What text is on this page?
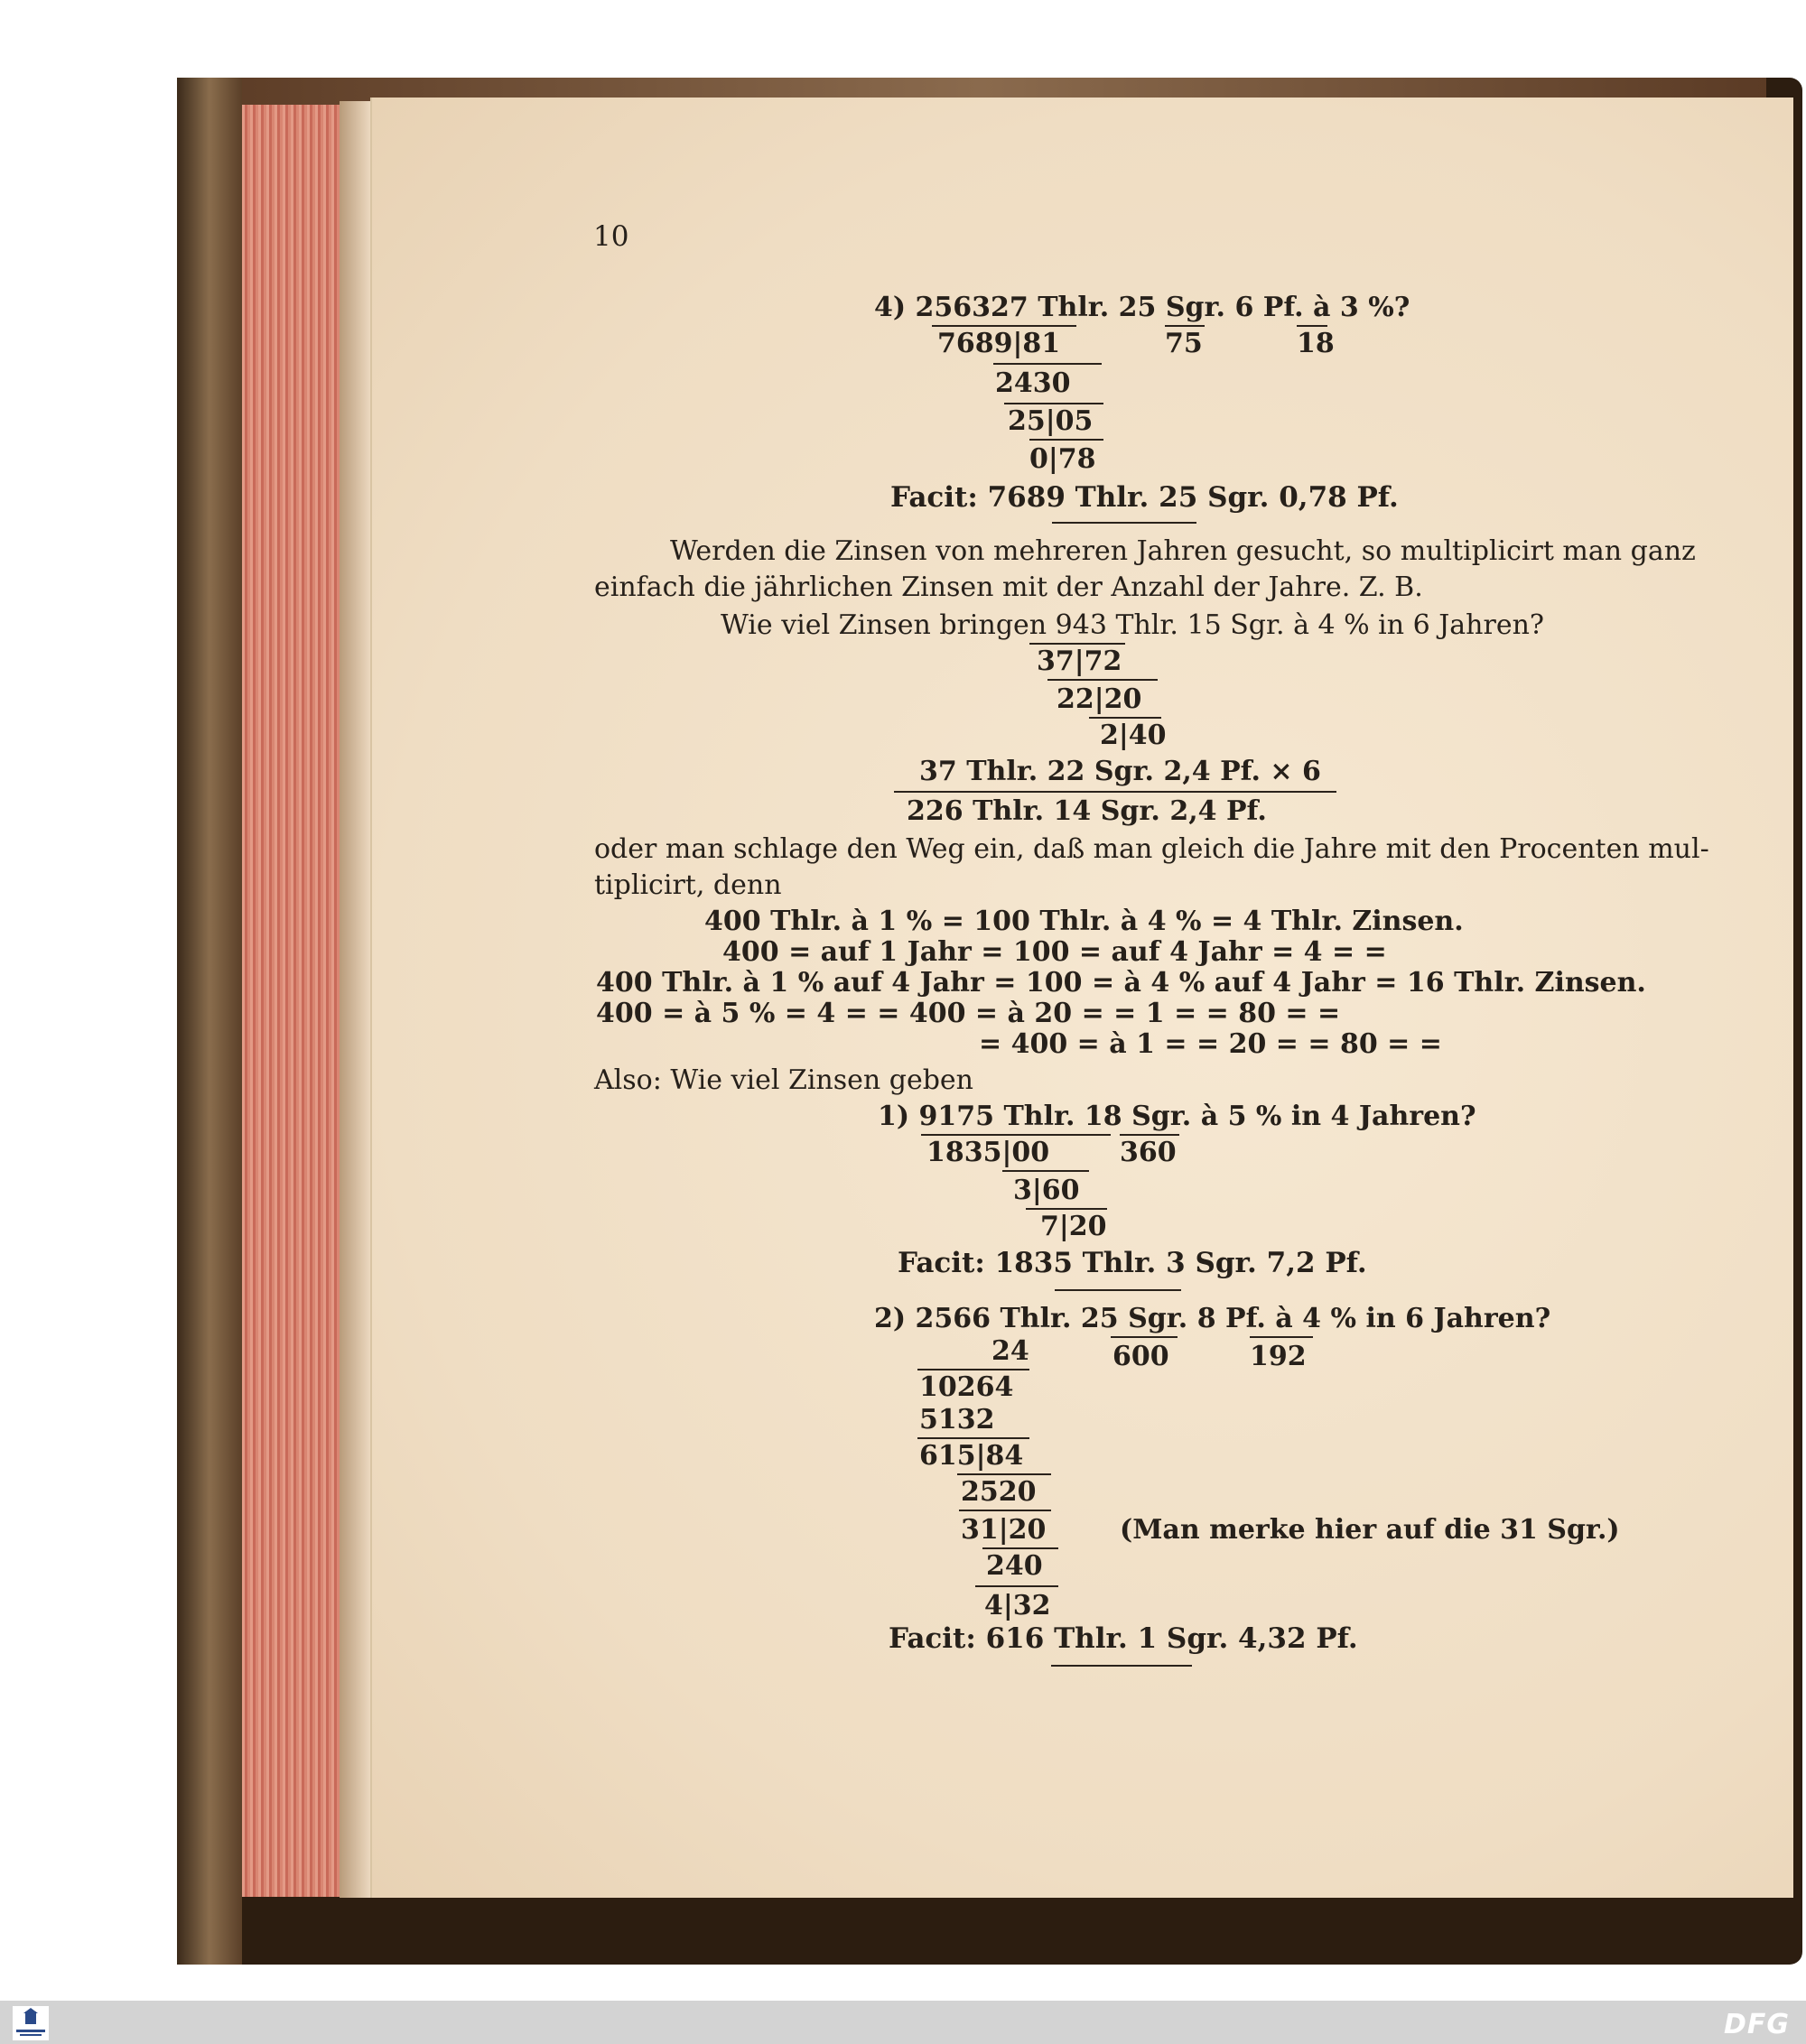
10
4) 256327 Thlr. 25 Sgr. 6 Pf. à 3 %?
7689|81	75	18
2430
25|05
0|78
Facit: 7689 Thlr. 25 Sgr. 0,78 Pf.
Werden die Zinsen von mehreren Jahren gesucht, so multiplicirt man ganz
einfach die jährlichen Zinsen mit der Anzahl der Jahre. Z. B.
Wie viel Zinsen bringen 943 Thlr. 15 Sgr. à 4 % in 6 Jahren?
37|72
22|20
2|40
37 Thlr. 22 Sgr. 2,4 Pf. × 6
226 Thlr. 14 Sgr. 2,4 Pf.
oder man schlage den Weg ein, daß man gleich die Jahre mit den Procenten mul-
tiplicirt, denn
400 Thlr. à 1 % = 100 Thlr. à 4 % = 4 Thlr. Zinsen.
400 = auf 1 Jahr = 100 = auf 4 Jahr = 4 = =
400 Thlr. à 1 % auf 4 Jahr = 100 = à 4 % auf 4 Jahr = 16 Thlr. Zinsen.
400 = à 5 % = 4 = = 400 = à 20 = = 1 = = 80 = =
= 400 = à 1 = = 20 = = 80 = =
Also: Wie viel Zinsen geben
1) 9175 Thlr. 18 Sgr. à 5 % in 4 Jahren?
1835|00	360
3|60
7|20
Facit: 1835 Thlr. 3 Sgr. 7,2 Pf.
2) 2566 Thlr. 25 Sgr. 8 Pf. à 4 % in 6 Jahren?
24	600	192
10264
5132
615|84
2520
31|20	(Man merke hier auf die 31 Sgr.)
240
4|32
Facit: 616 Thlr. 1 Sgr. 4,32 Pf.
DFG
